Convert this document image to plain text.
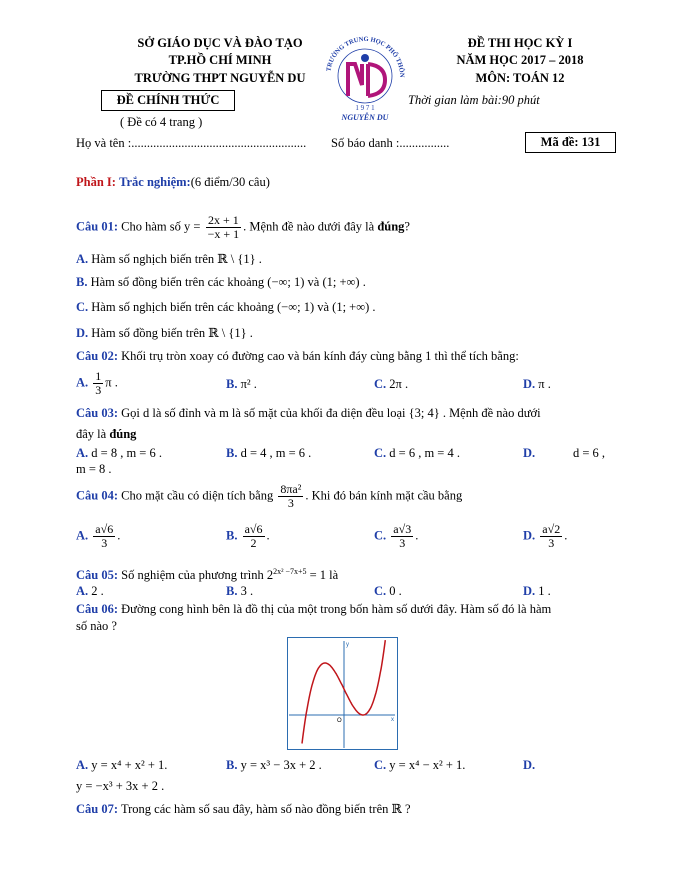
SỞ GIÁO DỤC VÀ ĐÀO TẠO
TP.HỒ CHÍ MINH
TRƯỜNG THPT NGUYỄN DU
TRƯỜNG TRUNG HỌC PHỔ THÔN
1 9 7 1
NGUYỄN DU
ĐỀ THI HỌC KỲ I
NĂM HỌC 2017 – 2018
MÔN: TOÁN 12
ĐỀ CHÍNH THỨC	Thời gian làm bài:90 phút
( Đề có 4 trang )
Họ và tên :........................................................ Số báo danh :................	Mã đề: 131
Phần I: Trắc nghiệm:(6 điểm/30 câu)
Câu 01: Cho hàm số $y = \frac{2x + 1}{-x + 1}$ . Mệnh đề nào dưới đây là đúng?
A. Hàm số nghịch biến trên ℝ \ {1} .
B. Hàm số đồng biến trên các khoảng (−∞; 1) và (1; +∞) .
C. Hàm số nghịch biến trên các khoảng (−∞; 1) và (1; +∞) .
D. Hàm số đồng biến trên ℝ \ {1} .
Câu 02: Khối trụ tròn xoay có đường cao và bán kính đáy cùng bằng 1 thì thể tích bằng:
A. $\frac{1}{3}$ π .	B. π² .	C. 2π .	D. π .
Câu 03: Gọi d là số đỉnh và m là số mặt của khối đa diện đều loại {3; 4} . Mệnh đề nào dưới
đây là đúng
A. d = 8 , m = 6 .	B. d = 4 , m = 6 .	C. d = 6 , m = 4 .	D.	d = 6 ,
m = 8 .
Câu 04: Cho mặt cầu có diện tích bằng $\frac{\text{8πa²}}{3}$ . Khi đó bán kính mặt cầu bằng
A. $\frac{a√6}{3}$ .	B. $\frac{a√6}{2}$ .	C. $\frac{a√3}{3}$ .	D. $\frac{a√2}{3}$ .
Câu 05: Số nghiệm của phương trình $2^{2x^2 -7x+5} = 1$ là
A. 2 .	B. 3 .	C. 0 .	D. 1 .
Câu 06: Đường cong hình bên là đồ thị của một trong bốn hàm số dưới đây. Hàm số đó là hàm
số nào ?
y
x
O
A. y = x⁴ + x² + 1.	B. y = x³ − 3x + 2 .	C. y = x⁴ − x² + 1.	D.
y = −x³ + 3x + 2 .
Câu 07: Trong các hàm số sau đây, hàm số nào đồng biến trên ℝ ?
